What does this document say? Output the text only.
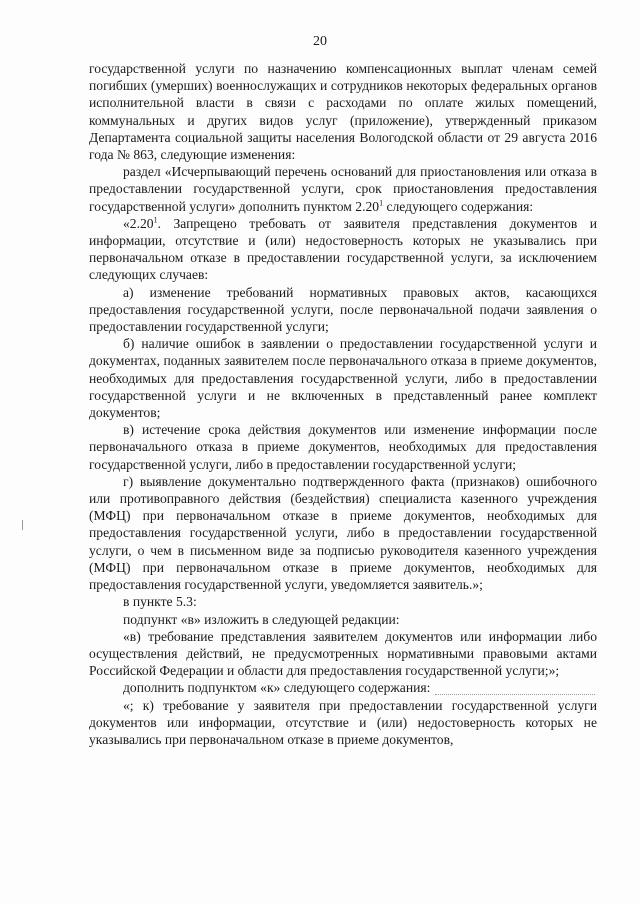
20

государственной услуги по назначению компенсационных выплат членам семей погибших (умерших) военнослужащих и сотрудников некоторых федеральных органов исполнительной власти в связи с расходами по оплате жилых помещений, коммунальных и других видов услуг (приложение), утвержденный приказом Департамента социальной защиты населения Вологодской области от 29 августа 2016 года № 863, следующие изменения:

раздел «Исчерпывающий перечень оснований для приостановления или отказа в предоставлении государственной услуги, срок приостановления предоставления государственной услуги» дополнить пунктом 2.20$^1$ следующего содержания:

«2.20$^1$. Запрещено требовать от заявителя представления документов и информации, отсутствие и (или) недостоверность которых не указывались при первоначальном отказе в предоставлении государственной услуги, за исключением следующих случаев:

а) изменение требований нормативных правовых актов, касающихся предоставления государственной услуги, после первоначальной подачи заявления о предоставлении государственной услуги;

б) наличие ошибок в заявлении о предоставлении государственной услуги и документах, поданных заявителем после первоначального отказа в приеме документов, необходимых для предоставления государственной услуги, либо в предоставлении государственной услуги и не включенных в представленный ранее комплект документов;

в) истечение срока действия документов или изменение информации после первоначального отказа в приеме документов, необходимых для предоставления государственной услуги, либо в предоставлении государственной услуги;

г) выявление документально подтвержденного факта (признаков) ошибочного или противоправного действия (бездействия) специалиста казенного учреждения (МФЦ) при первоначальном отказе в приеме документов, необходимых для предоставления государственной услуги, либо в предоставлении государственной услуги, о чем в письменном виде за подписью руководителя казенного учреждения (МФЦ) при первоначальном отказе в приеме документов, необходимых для предоставления государственной услуги, уведомляется заявитель.»;

в пункте 5.3:

подпункт «в» изложить в следующей редакции:

«в) требование представления заявителем документов или информации либо осуществления действий, не предусмотренных нормативными правовыми актами Российской Федерации и области для предоставления государственной услуги;»;

дополнить подпунктом «к» следующего содержания:

«; к) требование у заявителя при предоставлении государственной услуги документов или информации, отсутствие и (или) недостоверность которых не указывались при первоначальном отказе в приеме документов,
